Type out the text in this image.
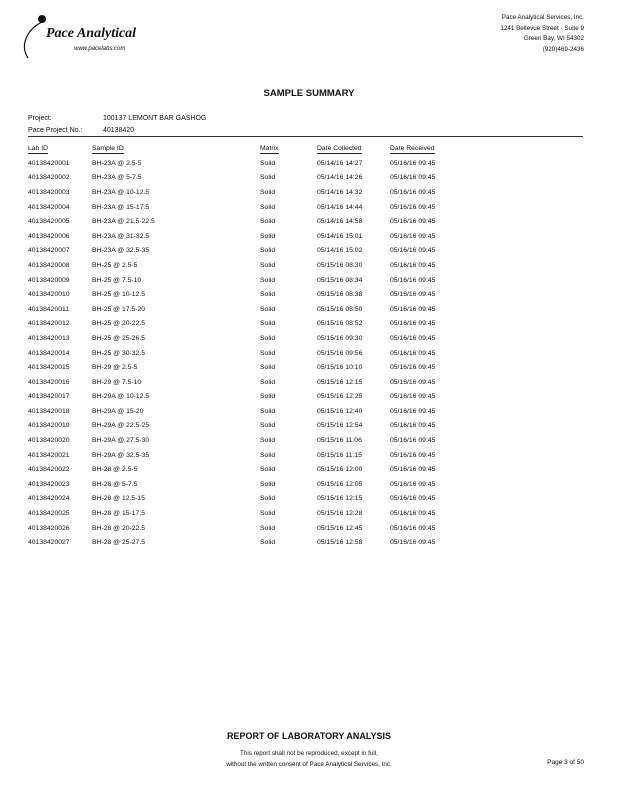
Pace Analytical
www.pacelabs.com
Pace Analytical Services, Inc.
1241 Bellevue Street - Suite 9
Green Bay, WI 54302
(920)469-2436
SAMPLE SUMMARY
Project:	100137 LEMONT BAR GASHOG
Pace Project No.:	40138420
Lab ID	Sample ID	Matrix	Date Collected	Date Received
40138420001	BH-23A @ 2.5-5	Solid	05/14/16 14:27	05/16/16 09:45
40138420002	BH-23A @ 5-7.5	Solid	05/14/16 14:26	05/16/16 09:45
40138420003	BH-23A @ 10-12.5	Solid	05/14/16 14:32	05/16/16 09:45
40138420004	BH-23A @ 15-17.5	Solid	05/14/16 14:44	05/16/16 09:45
40138420005	BH-23A @ 21.5-22.5	Solid	05/14/16 14:58	05/16/16 09:45
40138420006	BH-23A @ 31-32.5	Solid	05/14/16 15:01	05/16/16 09:45
40138420007	BH-23A @ 32.5-35	Solid	05/14/16 15:02	05/16/16 09:45
40138420008	BH-25 @ 2.5-5	Solid	05/15/16 08:30	05/16/16 09:45
40138420009	BH-25 @ 7.5-10	Solid	05/15/16 08:34	05/16/16 09:45
40138420010	BH-25 @ 10-12.5	Solid	05/15/16 08:38	05/16/16 09:45
40138420011	BH-25 @ 17.5-20	Solid	05/15/16 08:50	05/16/16 09:45
40138420012	BH-25 @ 20-22.5	Solid	05/15/16 08:52	05/16/16 09:45
40138420013	BH-25 @ 25-26.5	Solid	05/15/16 09:30	05/16/16 09:45
40138420014	BH-25 @ 30-32.5	Solid	05/15/16 09:56	05/16/16 09:45
40138420015	BH-29 @ 2.5-5	Solid	05/15/16 10:10	05/16/16 09:45
40138420016	BH-29 @ 7.5-10	Solid	05/15/16 12:15	05/16/16 09:45
40138420017	BH-29A @ 10-12.5	Solid	05/15/16 12:25	05/16/16 09:45
40138420018	BH-29A @ 15-20	Solid	05/15/16 12:40	05/16/16 09:45
40138420019	BH-29A @ 22.5-25	Solid	05/15/16 12:54	05/16/16 09:45
40138420020	BH-29A @ 27.5-30	Solid	05/15/16 11:06	05/16/16 09:45
40138420021	BH-29A @ 32.5-35	Solid	05/15/16 11:15	05/16/16 09:45
40138420022	BH-28 @ 2.5-5	Solid	05/15/16 12:00	05/16/16 09:45
40138420023	BH-28 @ 5-7.5	Solid	05/15/16 12:05	05/16/16 09:45
40138420024	BH-28 @ 12.5-15	Solid	05/15/16 12:15	05/16/16 09:45
40138420025	BH-28 @ 15-17.5	Solid	05/15/16 12:28	05/16/16 09:45
40138420026	BH-28 @ 20-22.5	Solid	05/15/16 12:45	05/16/16 09:45
40138420027	BH-28 @ 25-27.5	Solid	05/15/16 12:58	05/16/16 09:45
REPORT OF LABORATORY ANALYSIS
This report shall not be reproduced, except in full,
without the written consent of Pace Analytical Services, Inc.	Page 3 of 50
